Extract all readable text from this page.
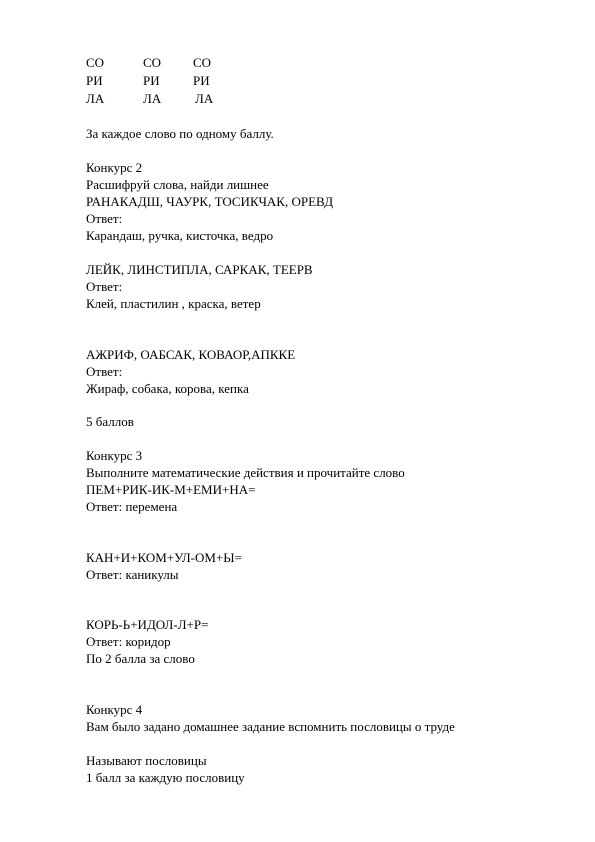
СО	СО СО
РИ	РИ	РИ
ЛА	ЛА	ЛА
За каждое слово по одному баллу.
Конкурс 2
Расшифруй слова, найди лишнее
РАНАКАДШ, ЧАУРК, ТОСИКЧАК, ОРЕВД
Ответ:
Карандаш, ручка, кисточка, ведро
ЛЕЙК, ЛИНСТИПЛА, САРКАК, ТЕЕРВ
Ответ:
Клей, пластилин , краска, ветер
АЖРИФ, ОАБСАК, КОВАОР,АПККЕ
Ответ:
Жираф, собака, корова, кепка
5 баллов
Конкурс 3
Выполните математические действия и прочитайте слово
ПЕМ+РИК-ИК-М+ЕМИ+НА=
Ответ: перемена
КАН+И+КОМ+УЛ-ОМ+Ы=
Ответ: каникулы
КОРЬ-Ь+ИДОЛ-Л+Р=
Ответ: коридор
По 2 балла за слово
Конкурс 4
Вам было задано домашнее задание вспомнить пословицы о труде
Называют пословицы
1 балл за каждую пословицу
